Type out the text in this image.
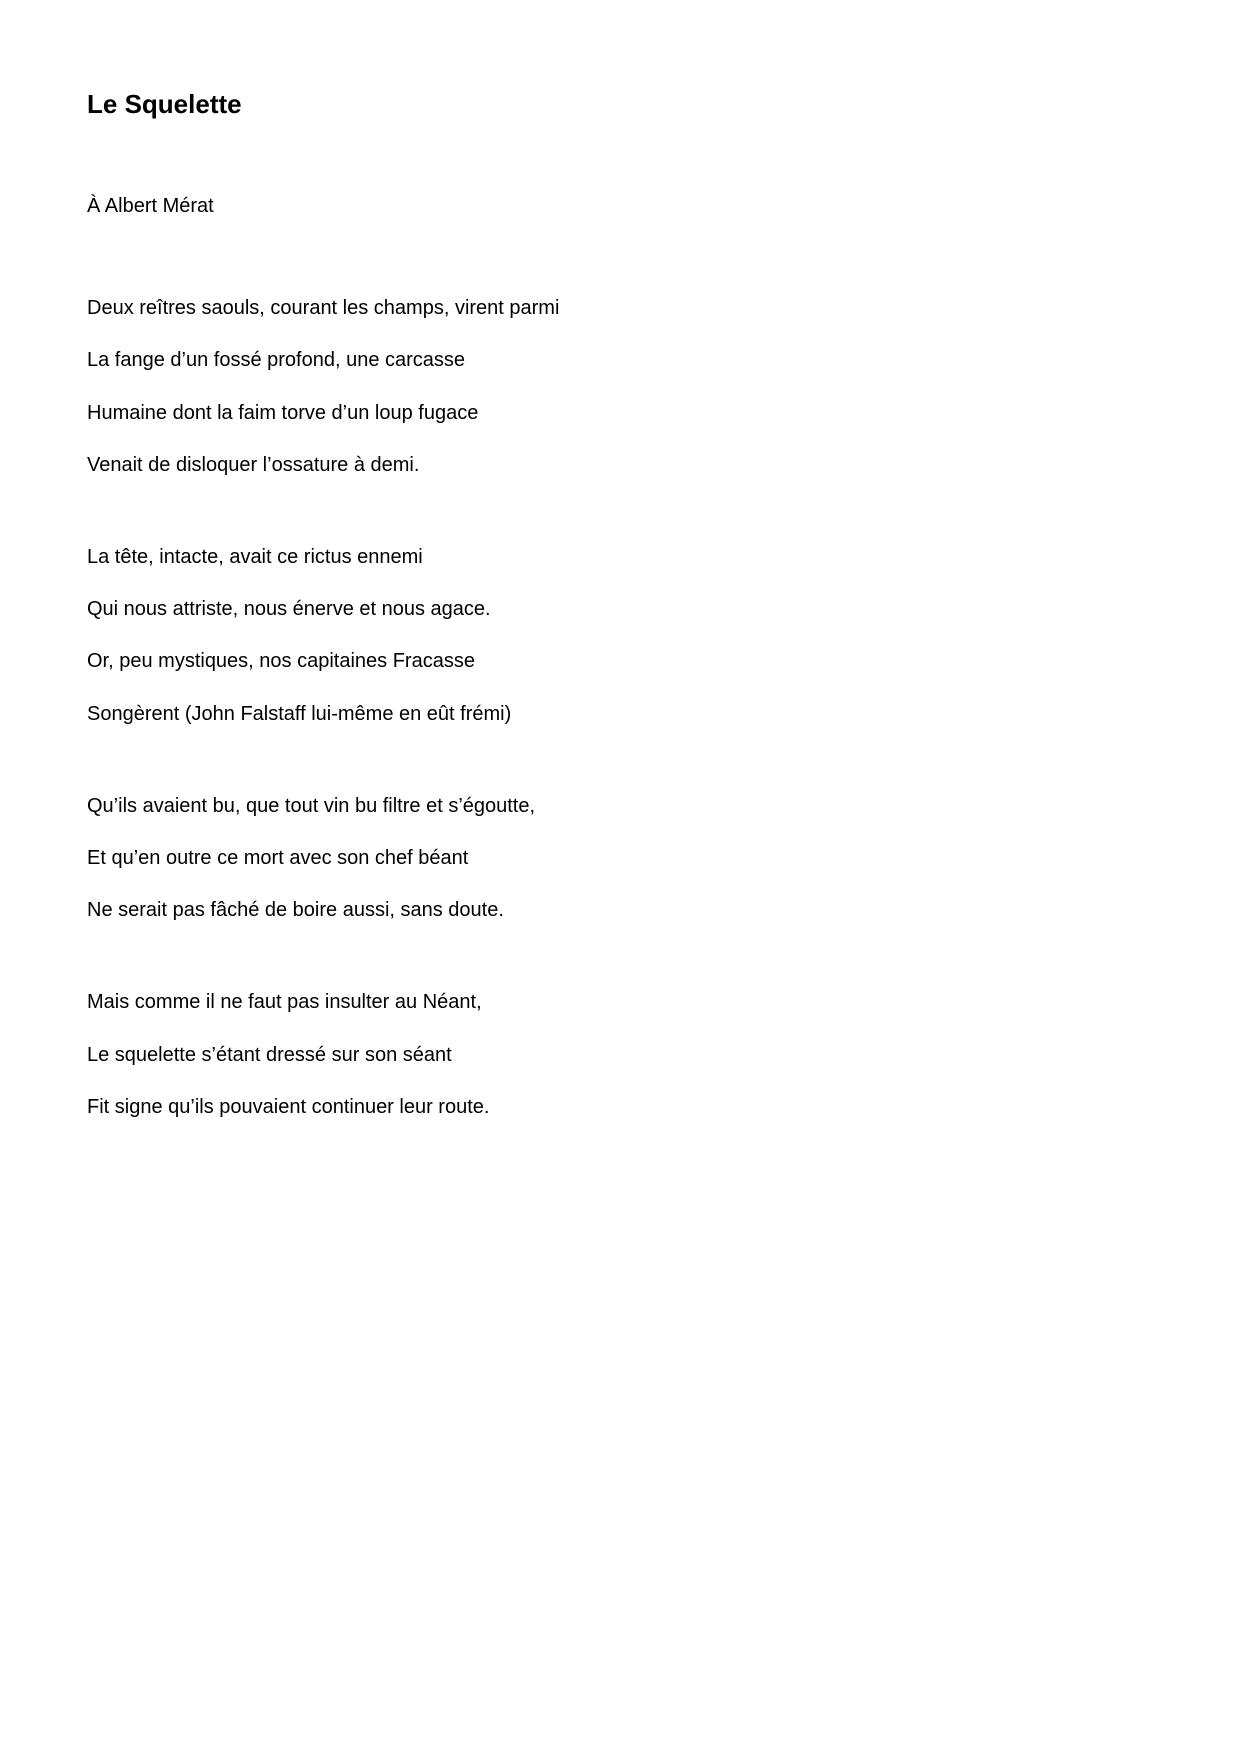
Le Squelette

À Albert Mérat

Deux reîtres saouls, courant les champs, virent parmi
La fange d’un fossé profond, une carcasse
Humaine dont la faim torve d’un loup fugace
Venait de disloquer l’ossature à demi.
La tête, intacte, avait ce rictus ennemi
Qui nous attriste, nous énerve et nous agace.
Or, peu mystiques, nos capitaines Fracasse
Songèrent (John Falstaff lui-même en eût frémi)
Qu’ils avaient bu, que tout vin bu filtre et s’égoutte,
Et qu’en outre ce mort avec son chef béant
Ne serait pas fâché de boire aussi, sans doute.
Mais comme il ne faut pas insulter au Néant,
Le squelette s’étant dressé sur son séant
Fit signe qu’ils pouvaient continuer leur route.
